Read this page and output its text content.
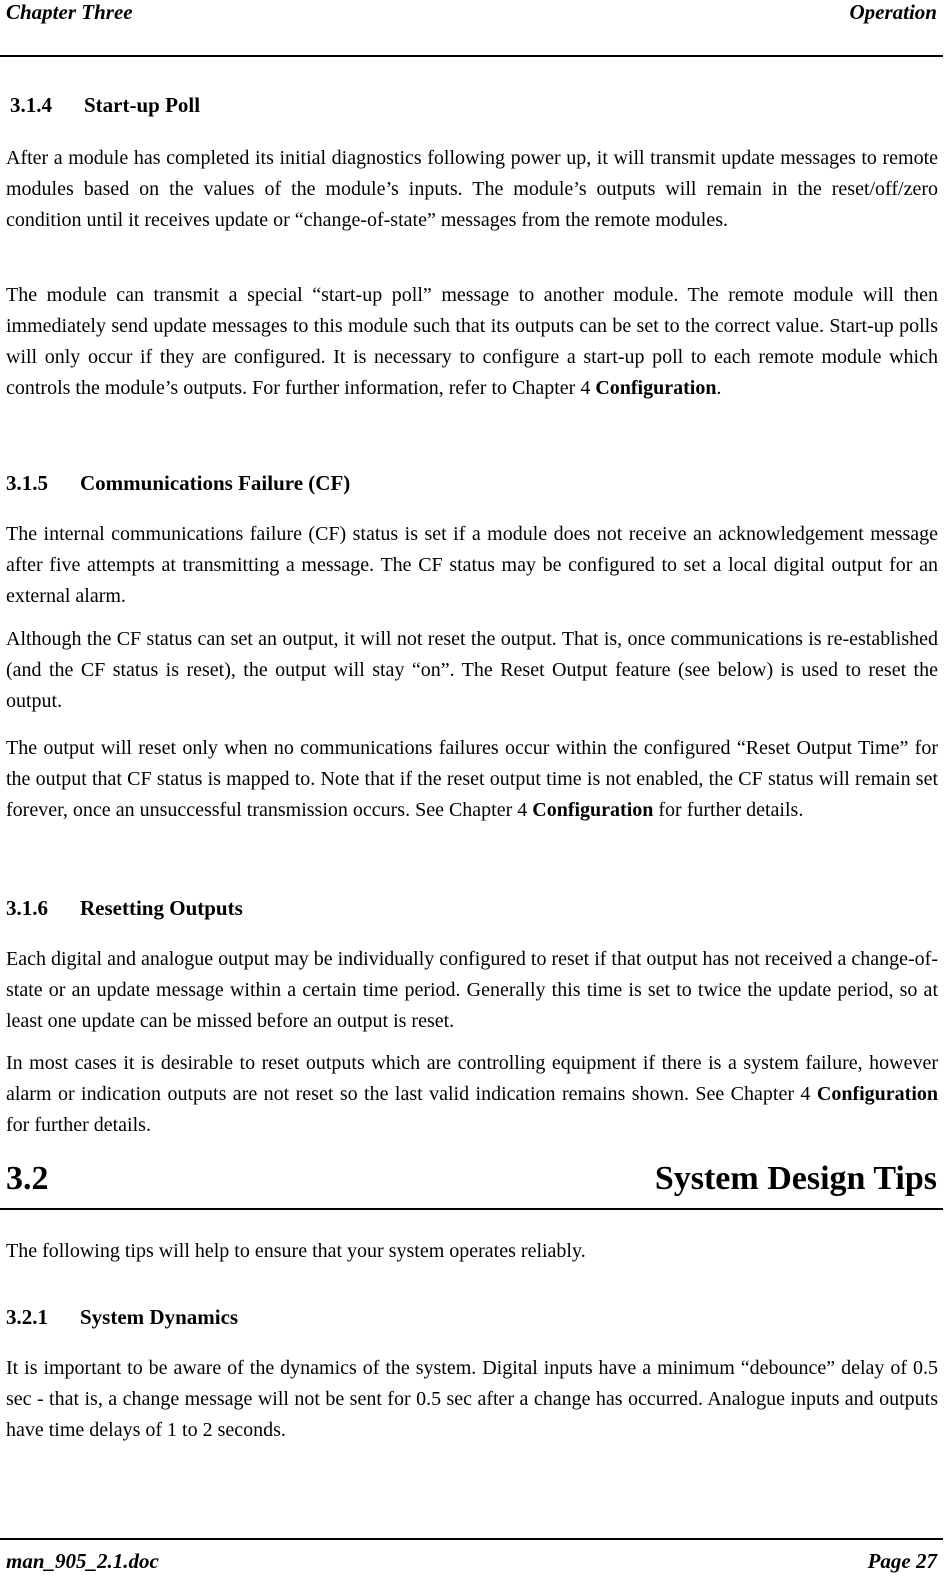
Chapter Three	Operation
3.1.4 Start-up Poll

After a module has completed its initial diagnostics following power up, it will transmit update messages to remote modules based on the values of the module’s inputs. The module’s outputs will remain in the reset/off/zero condition until it receives update or “change-of-state” messages from the remote modules.

The module can transmit a special “start-up poll” message to another module. The remote module will then immediately send update messages to this module such that its outputs can be set to the correct value. Start-up polls will only occur if they are configured. It is necessary to configure a start-up poll to each remote module which controls the module’s outputs. For further information, refer to Chapter 4 Configuration.

3.1.5 Communications Failure (CF)

The internal communications failure (CF) status is set if a module does not receive an acknowledgement message after five attempts at transmitting a message. The CF status may be configured to set a local digital output for an external alarm.

Although the CF status can set an output, it will not reset the output. That is, once communications is re-established (and the CF status is reset), the output will stay “on”. The Reset Output feature (see below) is used to reset the output.

The output will reset only when no communications failures occur within the configured “Reset Output Time” for the output that CF status is mapped to. Note that if the reset output time is not enabled, the CF status will remain set forever, once an unsuccessful transmission occurs. See Chapter 4 Configuration for further details.

3.1.6 Resetting Outputs

Each digital and analogue output may be individually configured to reset if that output has not received a change-of-state or an update message within a certain time period. Generally this time is set to twice the update period, so at least one update can be missed before an output is reset.

In most cases it is desirable to reset outputs which are controlling equipment if there is a system failure, however alarm or indication outputs are not reset so the last valid indication remains shown. See Chapter 4 Configuration for further details.

3.2	System Design Tips

The following tips will help to ensure that your system operates reliably.

3.2.1 System Dynamics

It is important to be aware of the dynamics of the system. Digital inputs have a minimum “debounce” delay of 0.5 sec - that is, a change message will not be sent for 0.5 sec after a change has occurred. Analogue inputs and outputs have time delays of 1 to 2 seconds.

man_905_2.1.doc	Page 27
